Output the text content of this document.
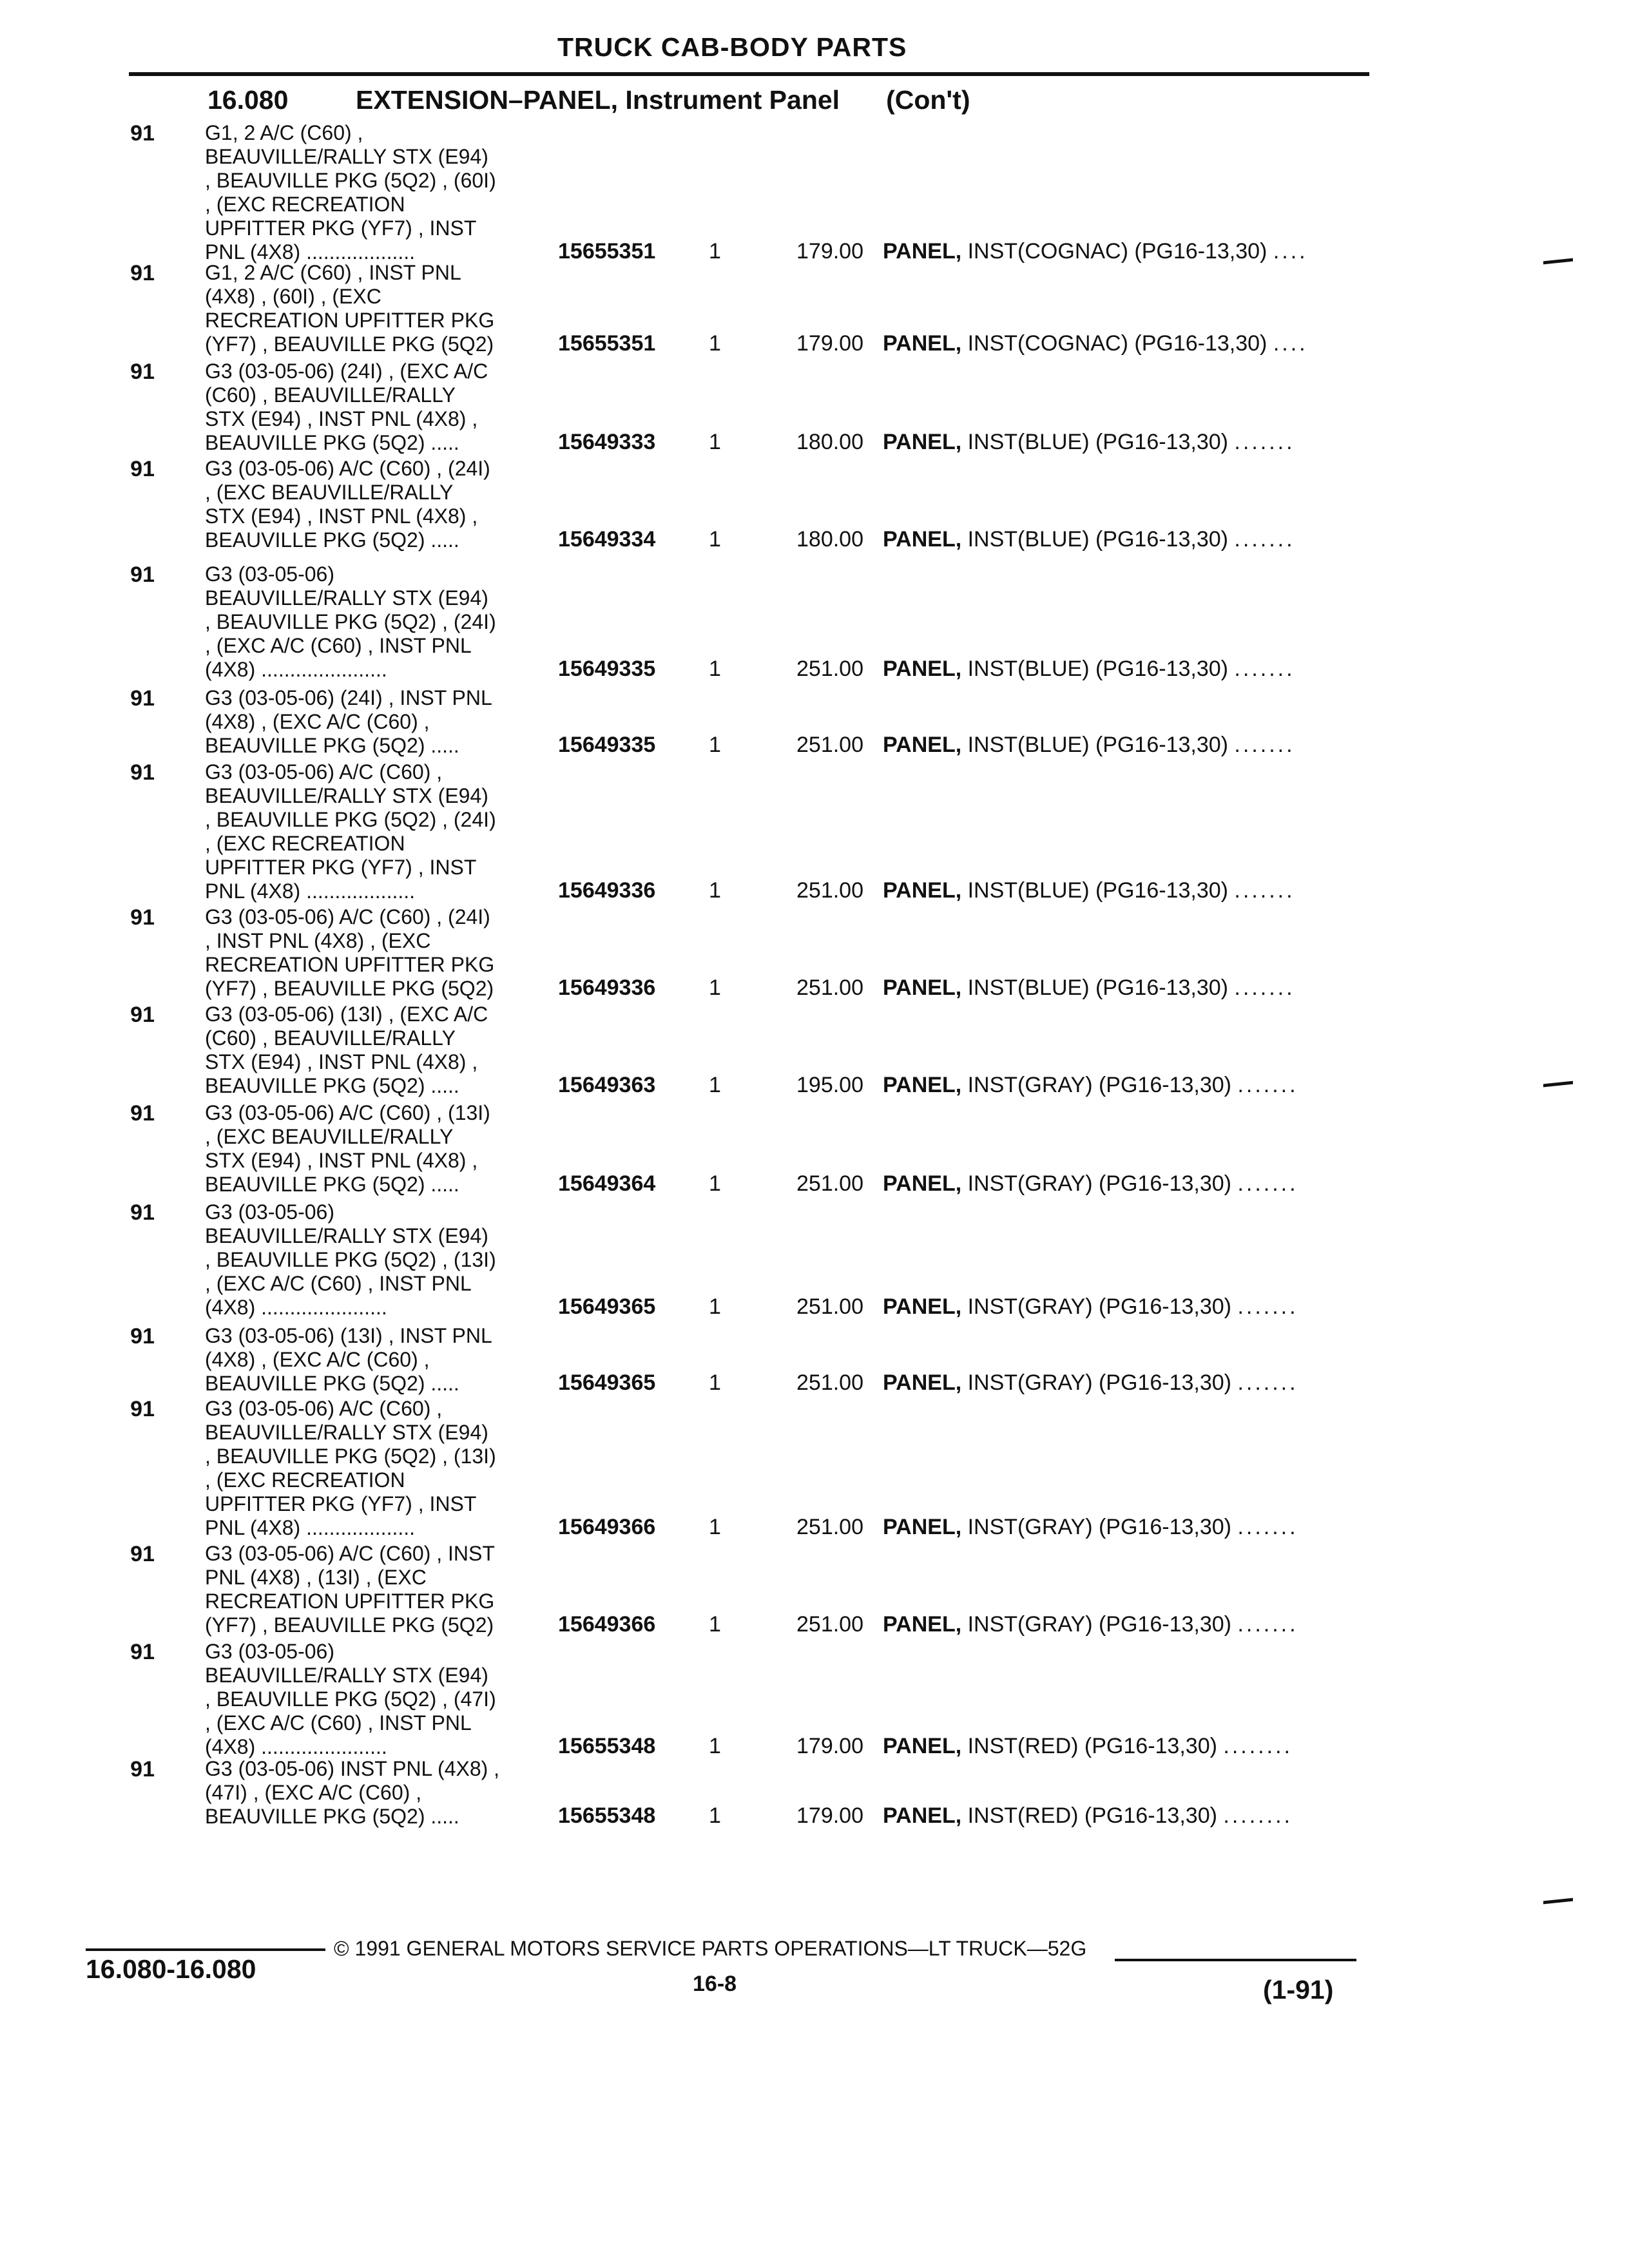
TRUCK CAB-BODY PARTS
16.080	EXTENSION–PANEL, Instrument Panel (Con't)
91 G1, 2 A/C (C60) ,
BEAUVILLE/RALLY STX (E94)
, BEAUVILLE PKG (5Q2) , (60I)
, (EXC RECREATION
UPFITTER PKG (YF7) , INST
PNL (4X8) ...................	15655351 1	179.00 PANEL, INST(COGNAC) (PG16-13,30) ....
91 G1, 2 A/C (C60) , INST PNL
(4X8) , (60I) , (EXC
RECREATION UPFITTER PKG
(YF7) , BEAUVILLE PKG (5Q2)	15655351 1	179.00 PANEL, INST(COGNAC) (PG16-13,30) ....
91 G3 (03-05-06) (24I) , (EXC A/C
(C60) , BEAUVILLE/RALLY
STX (E94) , INST PNL (4X8) ,
BEAUVILLE PKG (5Q2) .....	15649333 1	180.00 PANEL, INST(BLUE) (PG16-13,30) .......
91 G3 (03-05-06) A/C (C60) , (24I)
, (EXC BEAUVILLE/RALLY
STX (E94) , INST PNL (4X8) ,
BEAUVILLE PKG (5Q2) .....	15649334 1	180.00 PANEL, INST(BLUE) (PG16-13,30) .......
91 G3 (03-05-06)
BEAUVILLE/RALLY STX (E94)
, BEAUVILLE PKG (5Q2) , (24I)
, (EXC A/C (C60) , INST PNL
(4X8) ......................	15649335 1	251.00 PANEL, INST(BLUE) (PG16-13,30) .......
91 G3 (03-05-06) (24I) , INST PNL
(4X8) , (EXC A/C (C60) ,
BEAUVILLE PKG (5Q2) .....	15649335 1	251.00 PANEL, INST(BLUE) (PG16-13,30) .......
91 G3 (03-05-06) A/C (C60) ,
BEAUVILLE/RALLY STX (E94)
, BEAUVILLE PKG (5Q2) , (24I)
, (EXC RECREATION
UPFITTER PKG (YF7) , INST
PNL (4X8) ...................	15649336 1	251.00 PANEL, INST(BLUE) (PG16-13,30) .......
91 G3 (03-05-06) A/C (C60) , (24I)
, INST PNL (4X8) , (EXC
RECREATION UPFITTER PKG
(YF7) , BEAUVILLE PKG (5Q2)	15649336 1	251.00 PANEL, INST(BLUE) (PG16-13,30) .......
91 G3 (03-05-06) (13I) , (EXC A/C
(C60) , BEAUVILLE/RALLY
STX (E94) , INST PNL (4X8) ,
BEAUVILLE PKG (5Q2) .....	15649363 1	195.00 PANEL, INST(GRAY) (PG16-13,30) .......
91 G3 (03-05-06) A/C (C60) , (13I)
, (EXC BEAUVILLE/RALLY
STX (E94) , INST PNL (4X8) ,
BEAUVILLE PKG (5Q2) .....	15649364 1	251.00 PANEL, INST(GRAY) (PG16-13,30) .......
91 G3 (03-05-06)
BEAUVILLE/RALLY STX (E94)
, BEAUVILLE PKG (5Q2) , (13I)
, (EXC A/C (C60) , INST PNL
(4X8) ......................	15649365 1	251.00 PANEL, INST(GRAY) (PG16-13,30) .......
91 G3 (03-05-06) (13I) , INST PNL
(4X8) , (EXC A/C (C60) ,
BEAUVILLE PKG (5Q2) .....	15649365 1	251.00 PANEL, INST(GRAY) (PG16-13,30) .......
91 G3 (03-05-06) A/C (C60) ,
BEAUVILLE/RALLY STX (E94)
, BEAUVILLE PKG (5Q2) , (13I)
, (EXC RECREATION
UPFITTER PKG (YF7) , INST
PNL (4X8) ...................	15649366 1	251.00 PANEL, INST(GRAY) (PG16-13,30) .......
91 G3 (03-05-06) A/C (C60) , INST
PNL (4X8) , (13I) , (EXC
RECREATION UPFITTER PKG
(YF7) , BEAUVILLE PKG (5Q2)	15649366 1	251.00 PANEL, INST(GRAY) (PG16-13,30) .......
91 G3 (03-05-06)
BEAUVILLE/RALLY STX (E94)
, BEAUVILLE PKG (5Q2) , (47I)
, (EXC A/C (C60) , INST PNL
(4X8) ......................	15655348 1	179.00 PANEL, INST(RED) (PG16-13,30) ........
91 G3 (03-05-06) INST PNL (4X8) ,
(47I) , (EXC A/C (C60) ,
BEAUVILLE PKG (5Q2) .....	15655348 1	179.00 PANEL, INST(RED) (PG16-13,30) ........
16.080-16.080
© 1991 GENERAL MOTORS SERVICE PARTS OPERATIONS—LT TRUCK—52G
16-8	(1-91)
